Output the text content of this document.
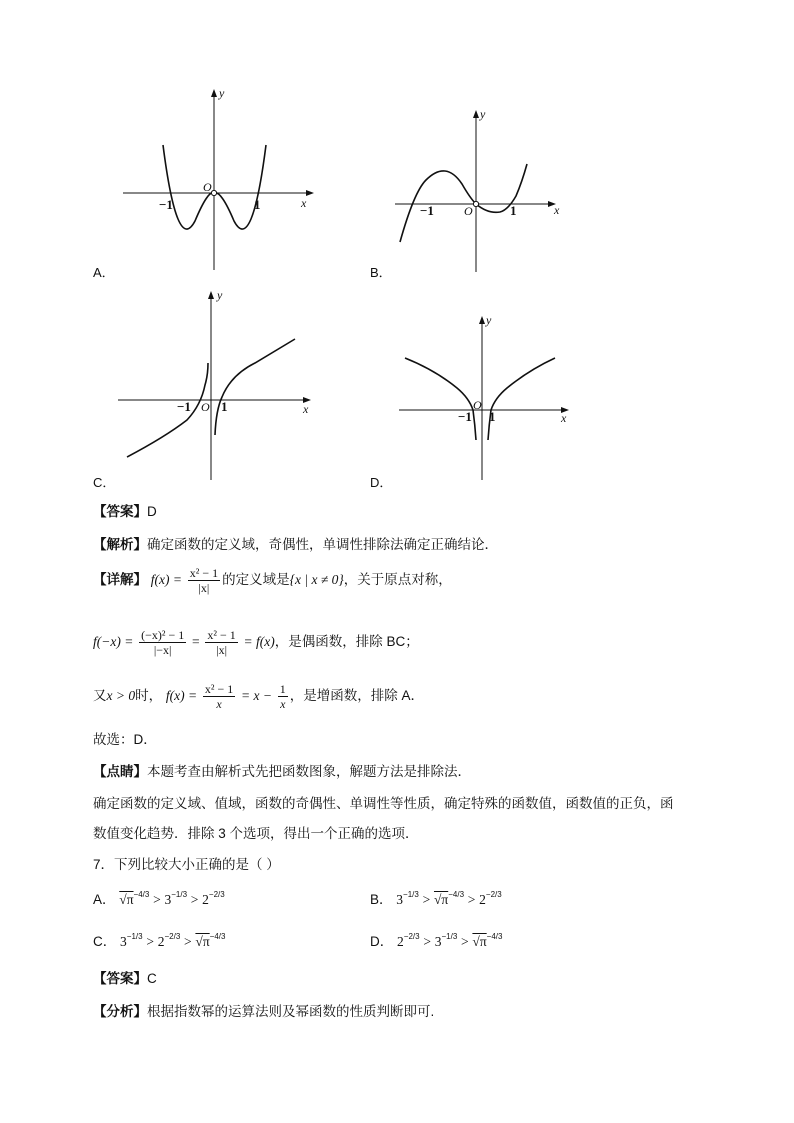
y
x
O
−1	1
A．
y
x
O
−1	1
B．
y
x
O
−1 1
C．
y
x
O
−1 1
D．
【答案】D
【解析】确定函数的定义域，奇偶性，单调性排除法确定正确结论．
【详解】 $f(x) = \frac{\text{x² − 1}}{|x|}$ 的定义域是{x | x ≠ 0}，关于原点对称，
$f(-x) = \frac{\text{(−x)² − 1}}{|-x|} = \frac{\text{x² − 1}}{|x|} = f(x)$，是偶函数，排除 BC；
又x > 0时， $f(x) = \frac{\text{x² − 1}}{x} = x - \frac{1}{x}$ ，是增函数，排除 A．
故选：D．
【点睛】本题考查由解析式先把函数图象，解题方法是排除法．
确定函数的定义域、值域，函数的奇偶性、单调性等性质，确定特殊的函数值，函数值的正负，函
数值变化趋势．排除 3 个选项，得出一个正确的选项．
7．下列比较大小正确的是（ ）
A． $√\pi^{-4/3} > 3^{-1/3} > 2^{-2/3}$	B． $3^{-1/3} > √\pi^{-4/3} > 2^{-2/3}$
C． $3^{-1/3} > 2^{-2/3} > √\pi^{-4/3}$	D． $2^{-2/3} > 3^{-1/3} > √\pi^{-4/3}$
【答案】C
【分析】根据指数幂的运算法则及幂函数的性质判断即可.
